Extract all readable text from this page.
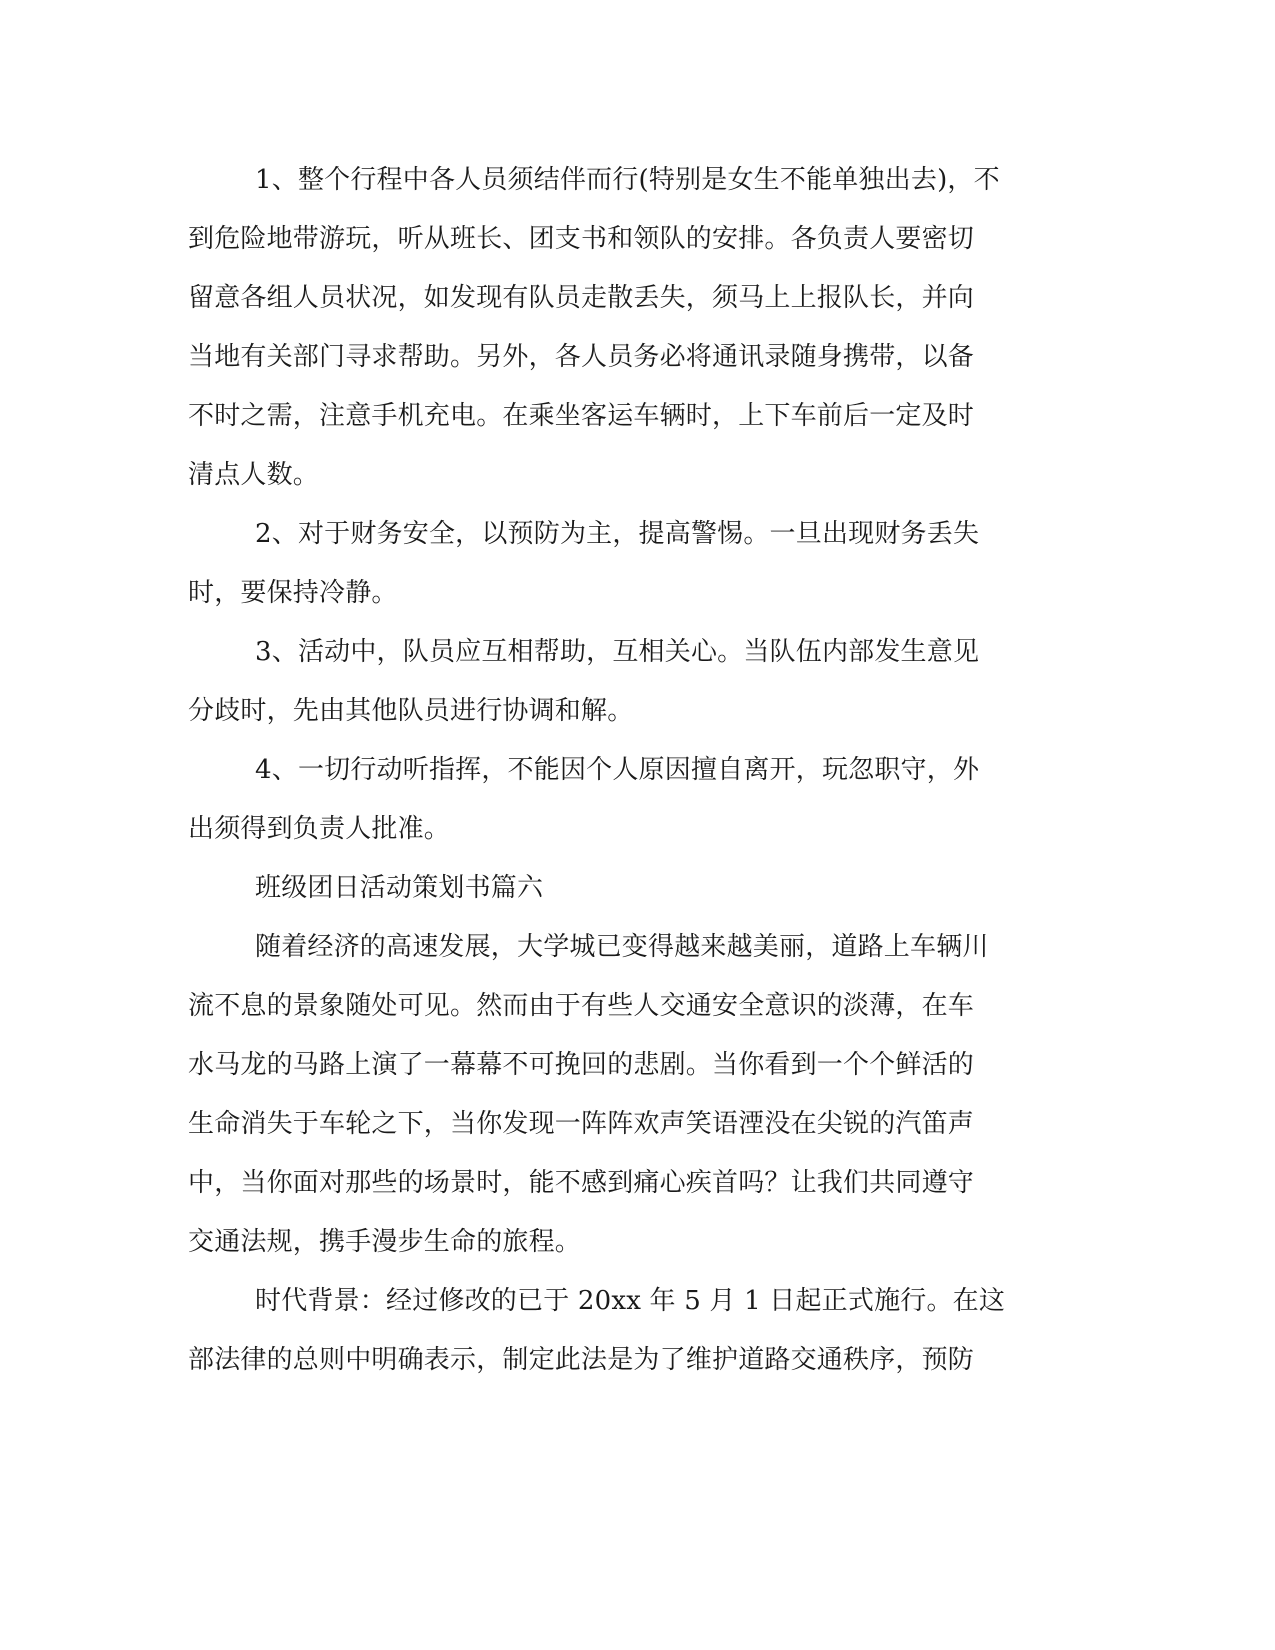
1、整个行程中各人员须结伴而行(特别是女生不能单独出去)，不
到危险地带游玩，听从班长、团支书和领队的安排。各负责人要密切
留意各组人员状况，如发现有队员走散丢失，须马上上报队长，并向
当地有关部门寻求帮助。另外，各人员务必将通讯录随身携带，以备
不时之需，注意手机充电。在乘坐客运车辆时，上下车前后一定及时
清点人数。
2、对于财务安全，以预防为主，提高警惕。一旦出现财务丢失
时，要保持冷静。
3、活动中，队员应互相帮助，互相关心。当队伍内部发生意见
分歧时，先由其他队员进行协调和解。
4、一切行动听指挥，不能因个人原因擅自离开，玩忽职守，外
出须得到负责人批准。
班级团日活动策划书篇六
随着经济的高速发展，大学城已变得越来越美丽，道路上车辆川
流不息的景象随处可见。然而由于有些人交通安全意识的淡薄，在车
水马龙的马路上演了一幕幕不可挽回的悲剧。当你看到一个个鲜活的
生命消失于车轮之下，当你发现一阵阵欢声笑语湮没在尖锐的汽笛声
中，当你面对那些的场景时，能不感到痛心疾首吗？让我们共同遵守
交通法规，携手漫步生命的旅程。
时代背景：经过修改的已于 20xx 年 5 月 1 日起正式施行。在这
部法律的总则中明确表示，制定此法是为了维护道路交通秩序，预防
